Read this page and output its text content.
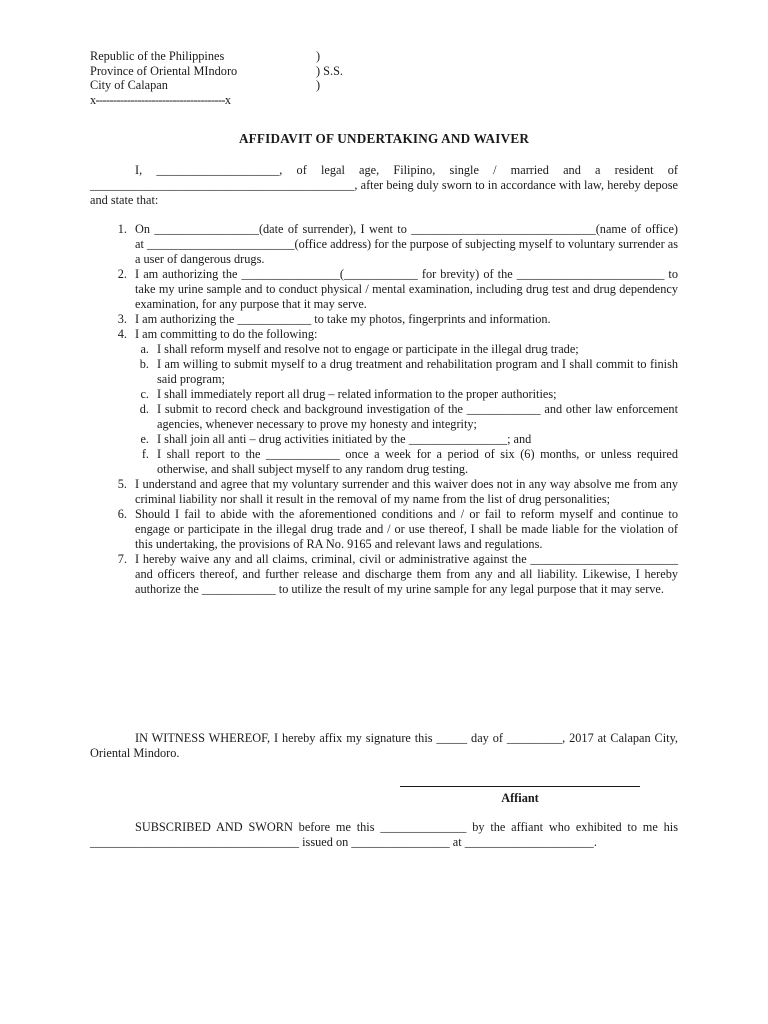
Republic of the Philippines	)
Province of Oriental MIndoro	) S.S.
City of Calapan	)
x-------------------------------------x
AFFIDAVIT OF UNDERTAKING AND WAIVER
I, ____________________, of legal age, Filipino, single / married and a resident of ___________________________________________, after being duly sworn to in accordance with law, hereby depose and state that:
1. On _________________(date of surrender), I went to ______________________________(name of office) at ________________________(office address) for the purpose of subjecting myself to voluntary surrender as a user of dangerous drugs.
2. I am authorizing the ________________(____________ for brevity) of the ________________________ to take my urine sample and to conduct physical / mental examination, including drug test and drug dependency examination, for any purpose that it may serve.
3. I am authorizing the ____________ to take my photos, fingerprints and information.
4. I am committing to do the following:
a. I shall reform myself and resolve not to engage or participate in the illegal drug trade;
b. I am willing to submit myself to a drug treatment and rehabilitation program and I shall commit to finish said program;
c. I shall immediately report all drug – related information to the proper authorities;
d. I submit to record check and background investigation of the ____________ and other law enforcement agencies, whenever necessary to prove my honesty and integrity;
e. I shall join all anti – drug activities initiated by the ________________; and
f. I shall report to the ____________ once a week for a period of six (6) months, or unless required otherwise, and shall subject myself to any random drug testing.
5. I understand and agree that my voluntary surrender and this waiver does not in any way absolve me from any criminal liability nor shall it result in the removal of my name from the list of drug personalities;
6. Should I fail to abide with the aforementioned conditions and / or fail to reform myself and continue to engage or participate in the illegal drug trade and / or use thereof, I shall be made liable for the violation of this undertaking, the provisions of RA No. 9165 and relevant laws and regulations.
7. I hereby waive any and all claims, criminal, civil or administrative against the ________________________ and officers thereof, and further release and discharge them from any and all liability. Likewise, I hereby authorize the ____________ to utilize the result of my urine sample for any legal purpose that it may serve.
IN WITNESS WHEREOF, I hereby affix my signature this _____ day of _________, 2017 at Calapan City, Oriental Mindoro.
Affiant
SUBSCRIBED AND SWORN before me this ______________ by the affiant who exhibited to me his __________________________________ issued on ________________ at _____________________.
